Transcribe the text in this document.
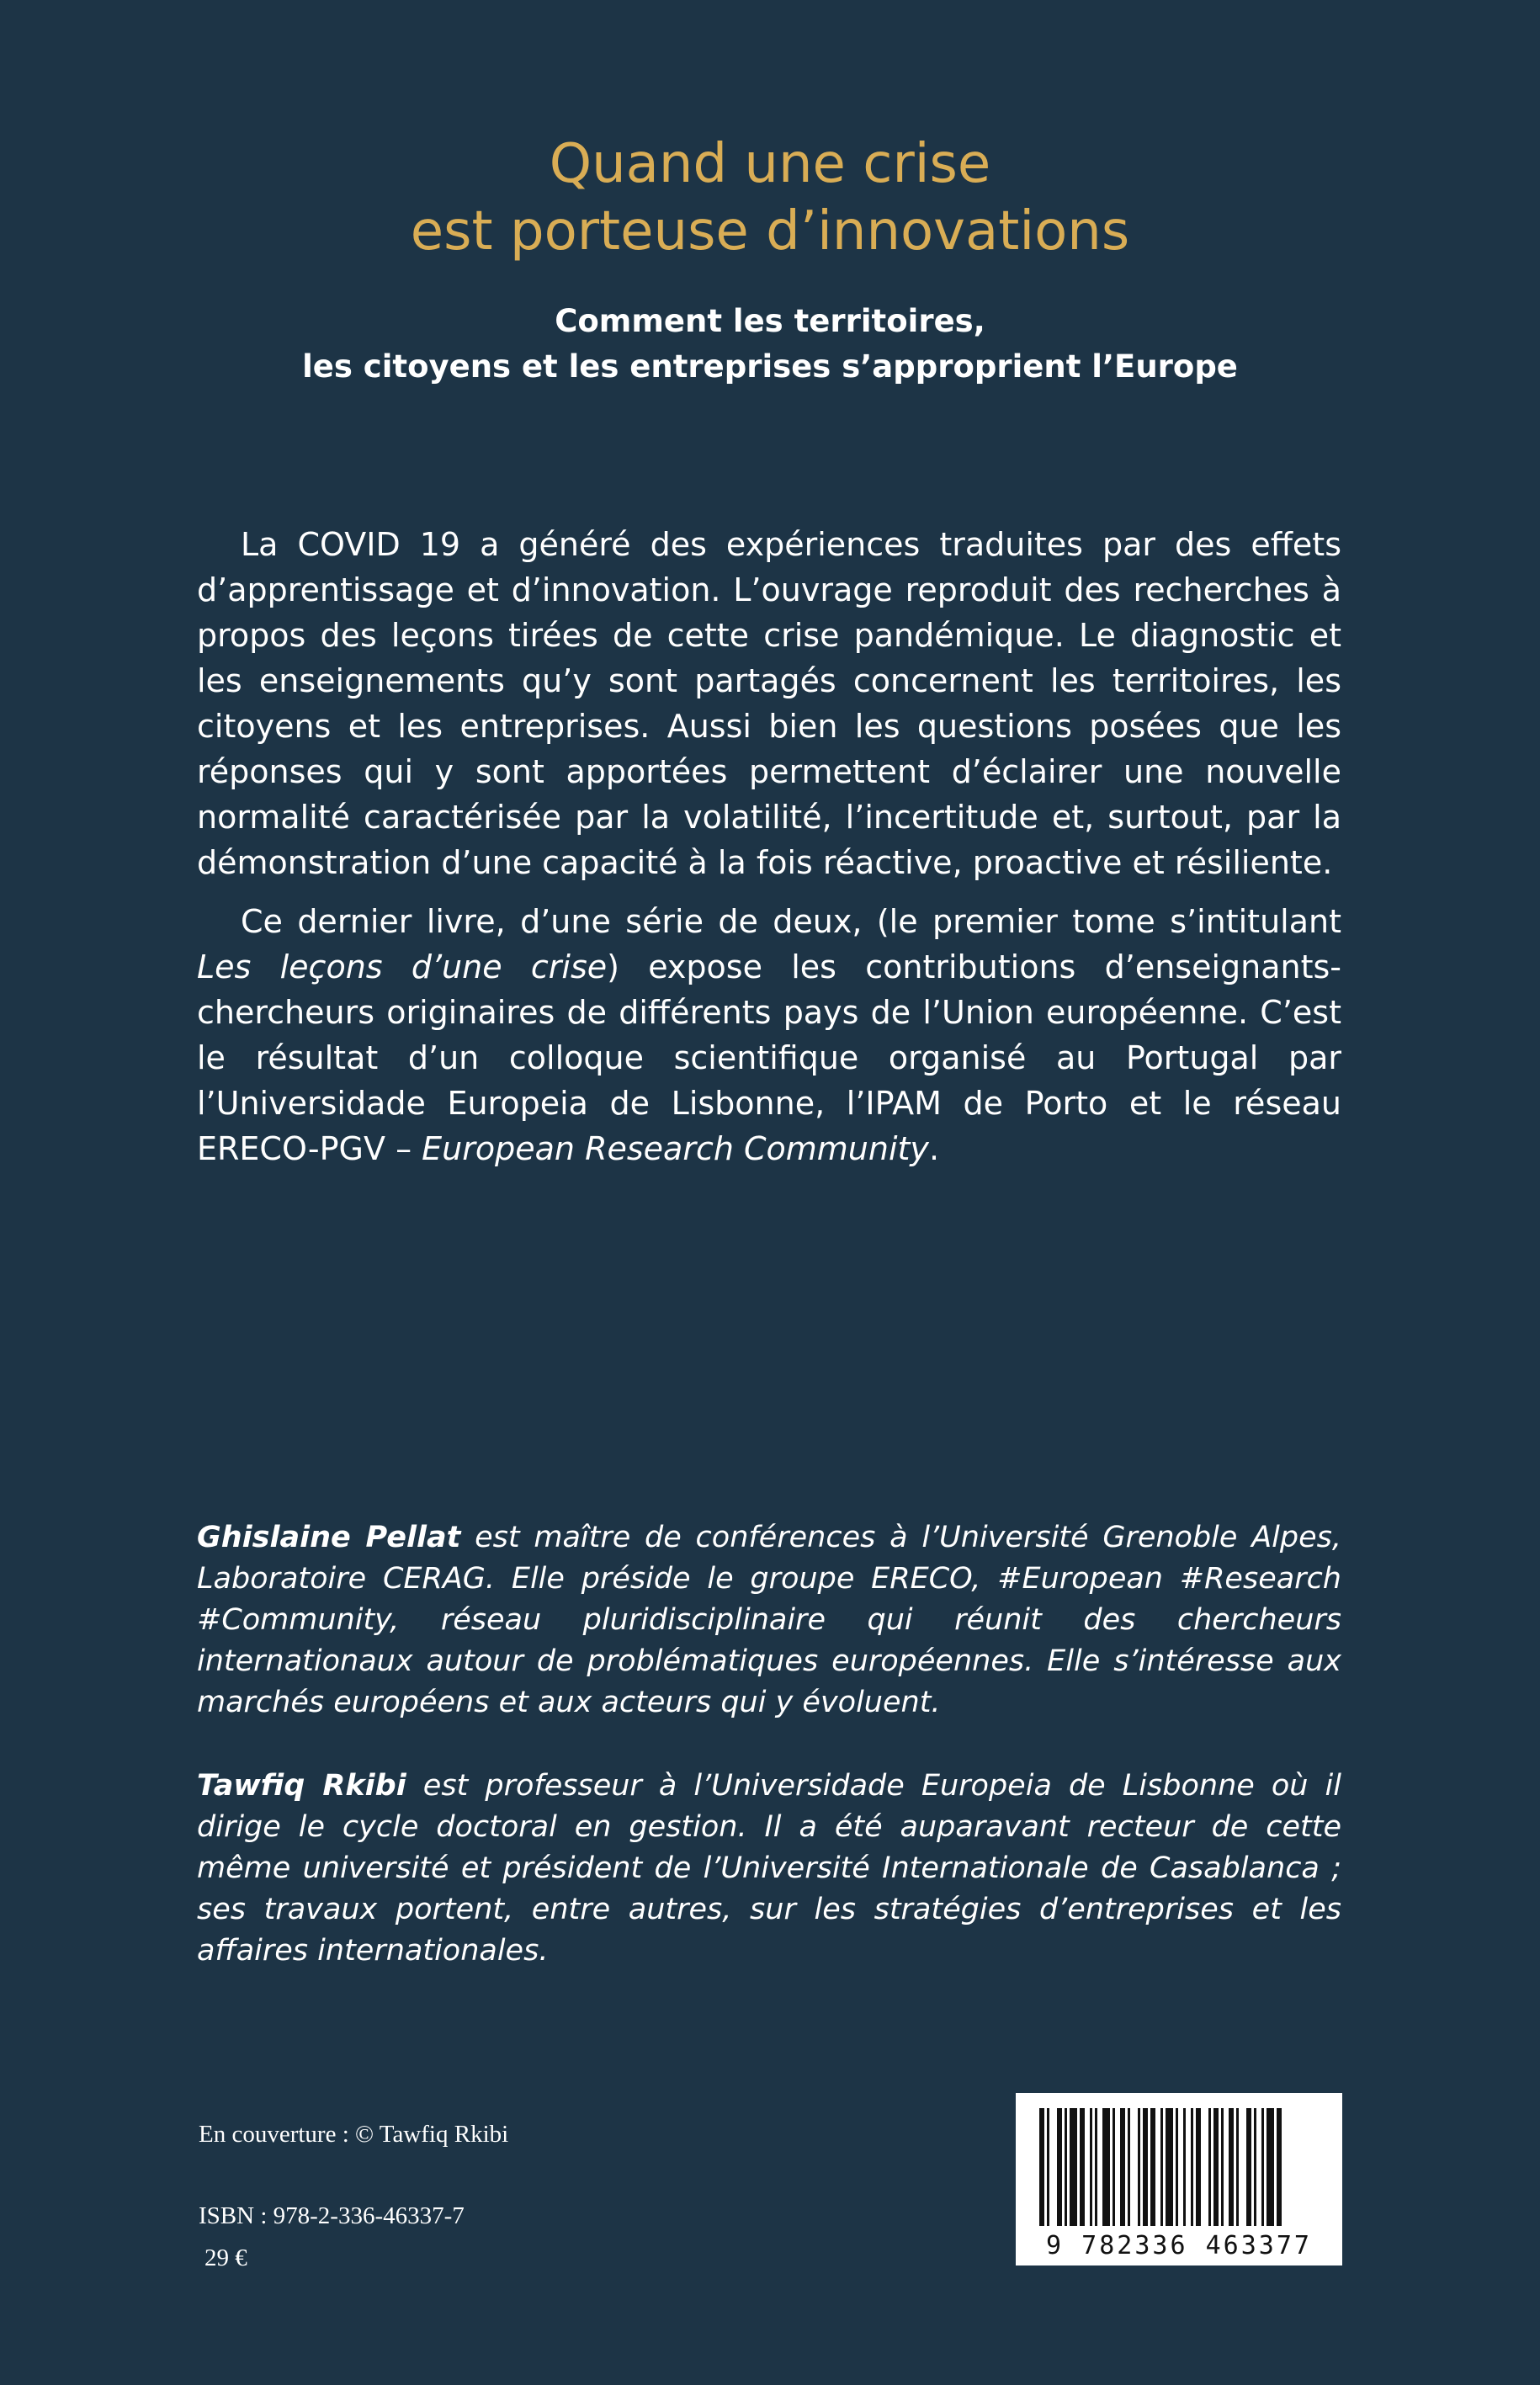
Quand une crise
est porteuse d’innovations
Comment les territoires,
les citoyens et les entreprises s’approprient l’Europe

La COVID 19 a généré des expériences traduites par des effets d’apprentissage et d’innovation. L’ouvrage reproduit des recherches à propos des leçons tirées de cette crise pandémique. Le diagnostic et les enseignements qu’y sont partagés concernent les territoires, les citoyens et les entreprises. Aussi bien les questions posées que les réponses qui y sont apportées permettent d’éclairer une nouvelle normalité caractérisée par la volatilité, l’incertitude et, surtout, par la démonstration d’une capacité à la fois réactive, proactive et résiliente.

Ce dernier livre, d’une série de deux, (le premier tome s’intitulant Les leçons d’une crise) expose les contributions d’enseignants-chercheurs originaires de différents pays de l’Union européenne. C’est le résultat d’un colloque scientifique organisé au Portugal par l’Universidade Europeia de Lisbonne, l’IPAM de Porto et le réseau ERECO-PGV – European Research Community.

Ghislaine Pellat est maître de conférences à l’Université Grenoble Alpes, Laboratoire CERAG. Elle préside le groupe ERECO, #European #Research #Community, réseau pluridisciplinaire qui réunit des chercheurs internationaux autour de problématiques européennes. Elle s’intéresse aux marchés européens et aux acteurs qui y évoluent.

Tawfiq Rkibi est professeur à l’Universidade Europeia de Lisbonne où il dirige le cycle doctoral en gestion. Il a été auparavant recteur de cette même université et président de l’Université Internationale de Casablanca ; ses travaux portent, entre autres, sur les stratégies d’entreprises et les affaires internationales.

En couverture : © Tawfiq Rkibi
ISBN : 978-2-336-46337-7
29 €	9 782336 463377
